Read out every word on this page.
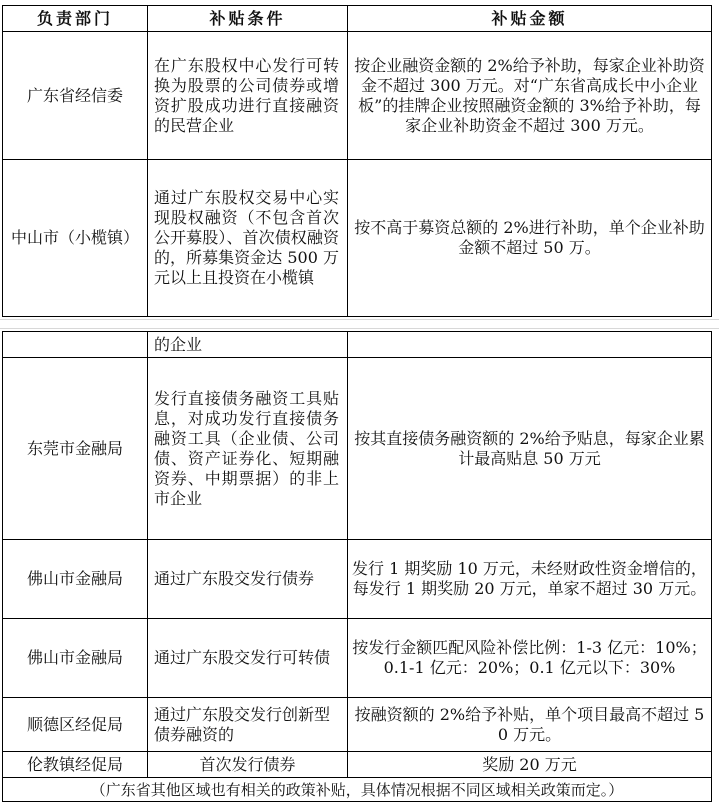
负责部门	补贴条件	补贴金额
广东省经信委	在广东股权中心发行可转换为股票的公司债券或增资扩股成功进行直接融资的民营企业	按企业融资金额的 2%给予补助，每家企业补助资金不超过 300 万元。对“广东省高成长中小企业板”的挂牌企业按照融资金额的 3%给予补助，每家企业补助资金不超过 300 万元。
中山市（小榄镇）	通过广东股权交易中心实现股权融资（不包含首次公开募股）、首次债权融资的，所募集资金达 500 万元以上且投资在小榄镇	按不高于募资总额的 2%进行补助，单个企业补助金额不超过 50 万。
	的企业	
东莞市金融局	发行直接债务融资工具贴息，对成功发行直接债务融资工具（企业债、公司债、资产证券化、短期融资券、中期票据）的非上市企业	按其直接债务融资额的 2%给予贴息，每家企业累计最高贴息 50 万元
佛山市金融局	通过广东股交发行债券	发行 1 期奖励 10 万元，未经财政性资金增信的，每发行 1 期奖励 20 万元，单家不超过 30 万元。
佛山市金融局	通过广东股交发行可转债	按发行金额匹配风险补偿比例：1-3 亿元：10%；0.1-1 亿元：20%；0.1 亿元以下：30%
顺德区经促局	通过广东股交发行创新型债券融资的	按融资额的 2%给予补贴，单个项目最高不超过 50 万元。
伦教镇经促局	首次发行债券	奖励 20 万元
（广东省其他区域也有相关的政策补贴，具体情况根据不同区域相关政策而定。）		
